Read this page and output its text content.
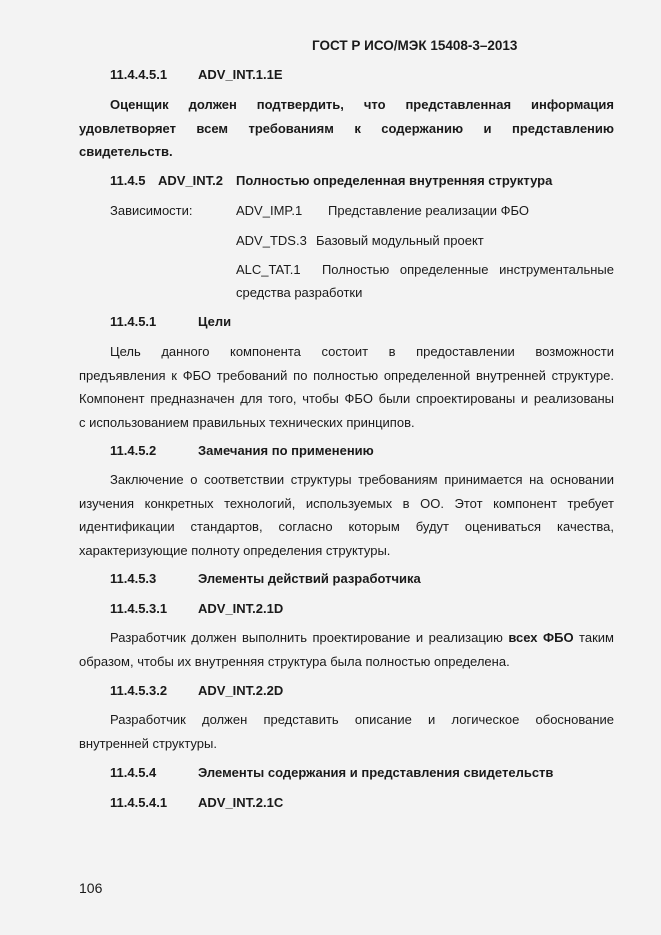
ГОСТ Р ИСО/МЭК 15408-3–2013
11.4.4.5.1 ADV_INT.1.1E
Оценщик должен подтвердить, что представленная информация
удовлетворяет всем требованиям к содержанию и представлению
свидетельств.
11.4.5 ADV_INT.2 Полностью определенная внутренняя структура
Зависимости:	ADV_IMP.1 Представление реализации ФБО
ADV_TDS.3 Базовый модульный проект
ALC_TAT.1 Полностью определенные инструментальные
средства разработки
11.4.5.1	Цели
Цель данного компонента состоит в предоставлении возможности
предъявления к ФБО требований по полностью определенной внутренней структуре.
Компонент предназначен для того, чтобы ФБО были спроектированы и реализованы
с использованием правильных технических принципов.
11.4.5.2	Замечания по применению
Заключение о соответствии структуры требованиям принимается на основании
изучения конкретных технологий, используемых в ОО. Этот компонент требует
идентификации стандартов, согласно которым будут оцениваться качества,
характеризующие полноту определения структуры.
11.4.5.3	Элементы действий разработчика
11.4.5.3.1 ADV_INT.2.1D
Разработчик должен выполнить проектирование и реализацию всех ФБО таким
образом, чтобы их внутренняя структура была полностью определена.
11.4.5.3.2 ADV_INT.2.2D
Разработчик должен представить описание и логическое обоснование
внутренней структуры.
11.4.5.4	Элементы содержания и представления свидетельств
11.4.5.4.1 ADV_INT.2.1C
106
